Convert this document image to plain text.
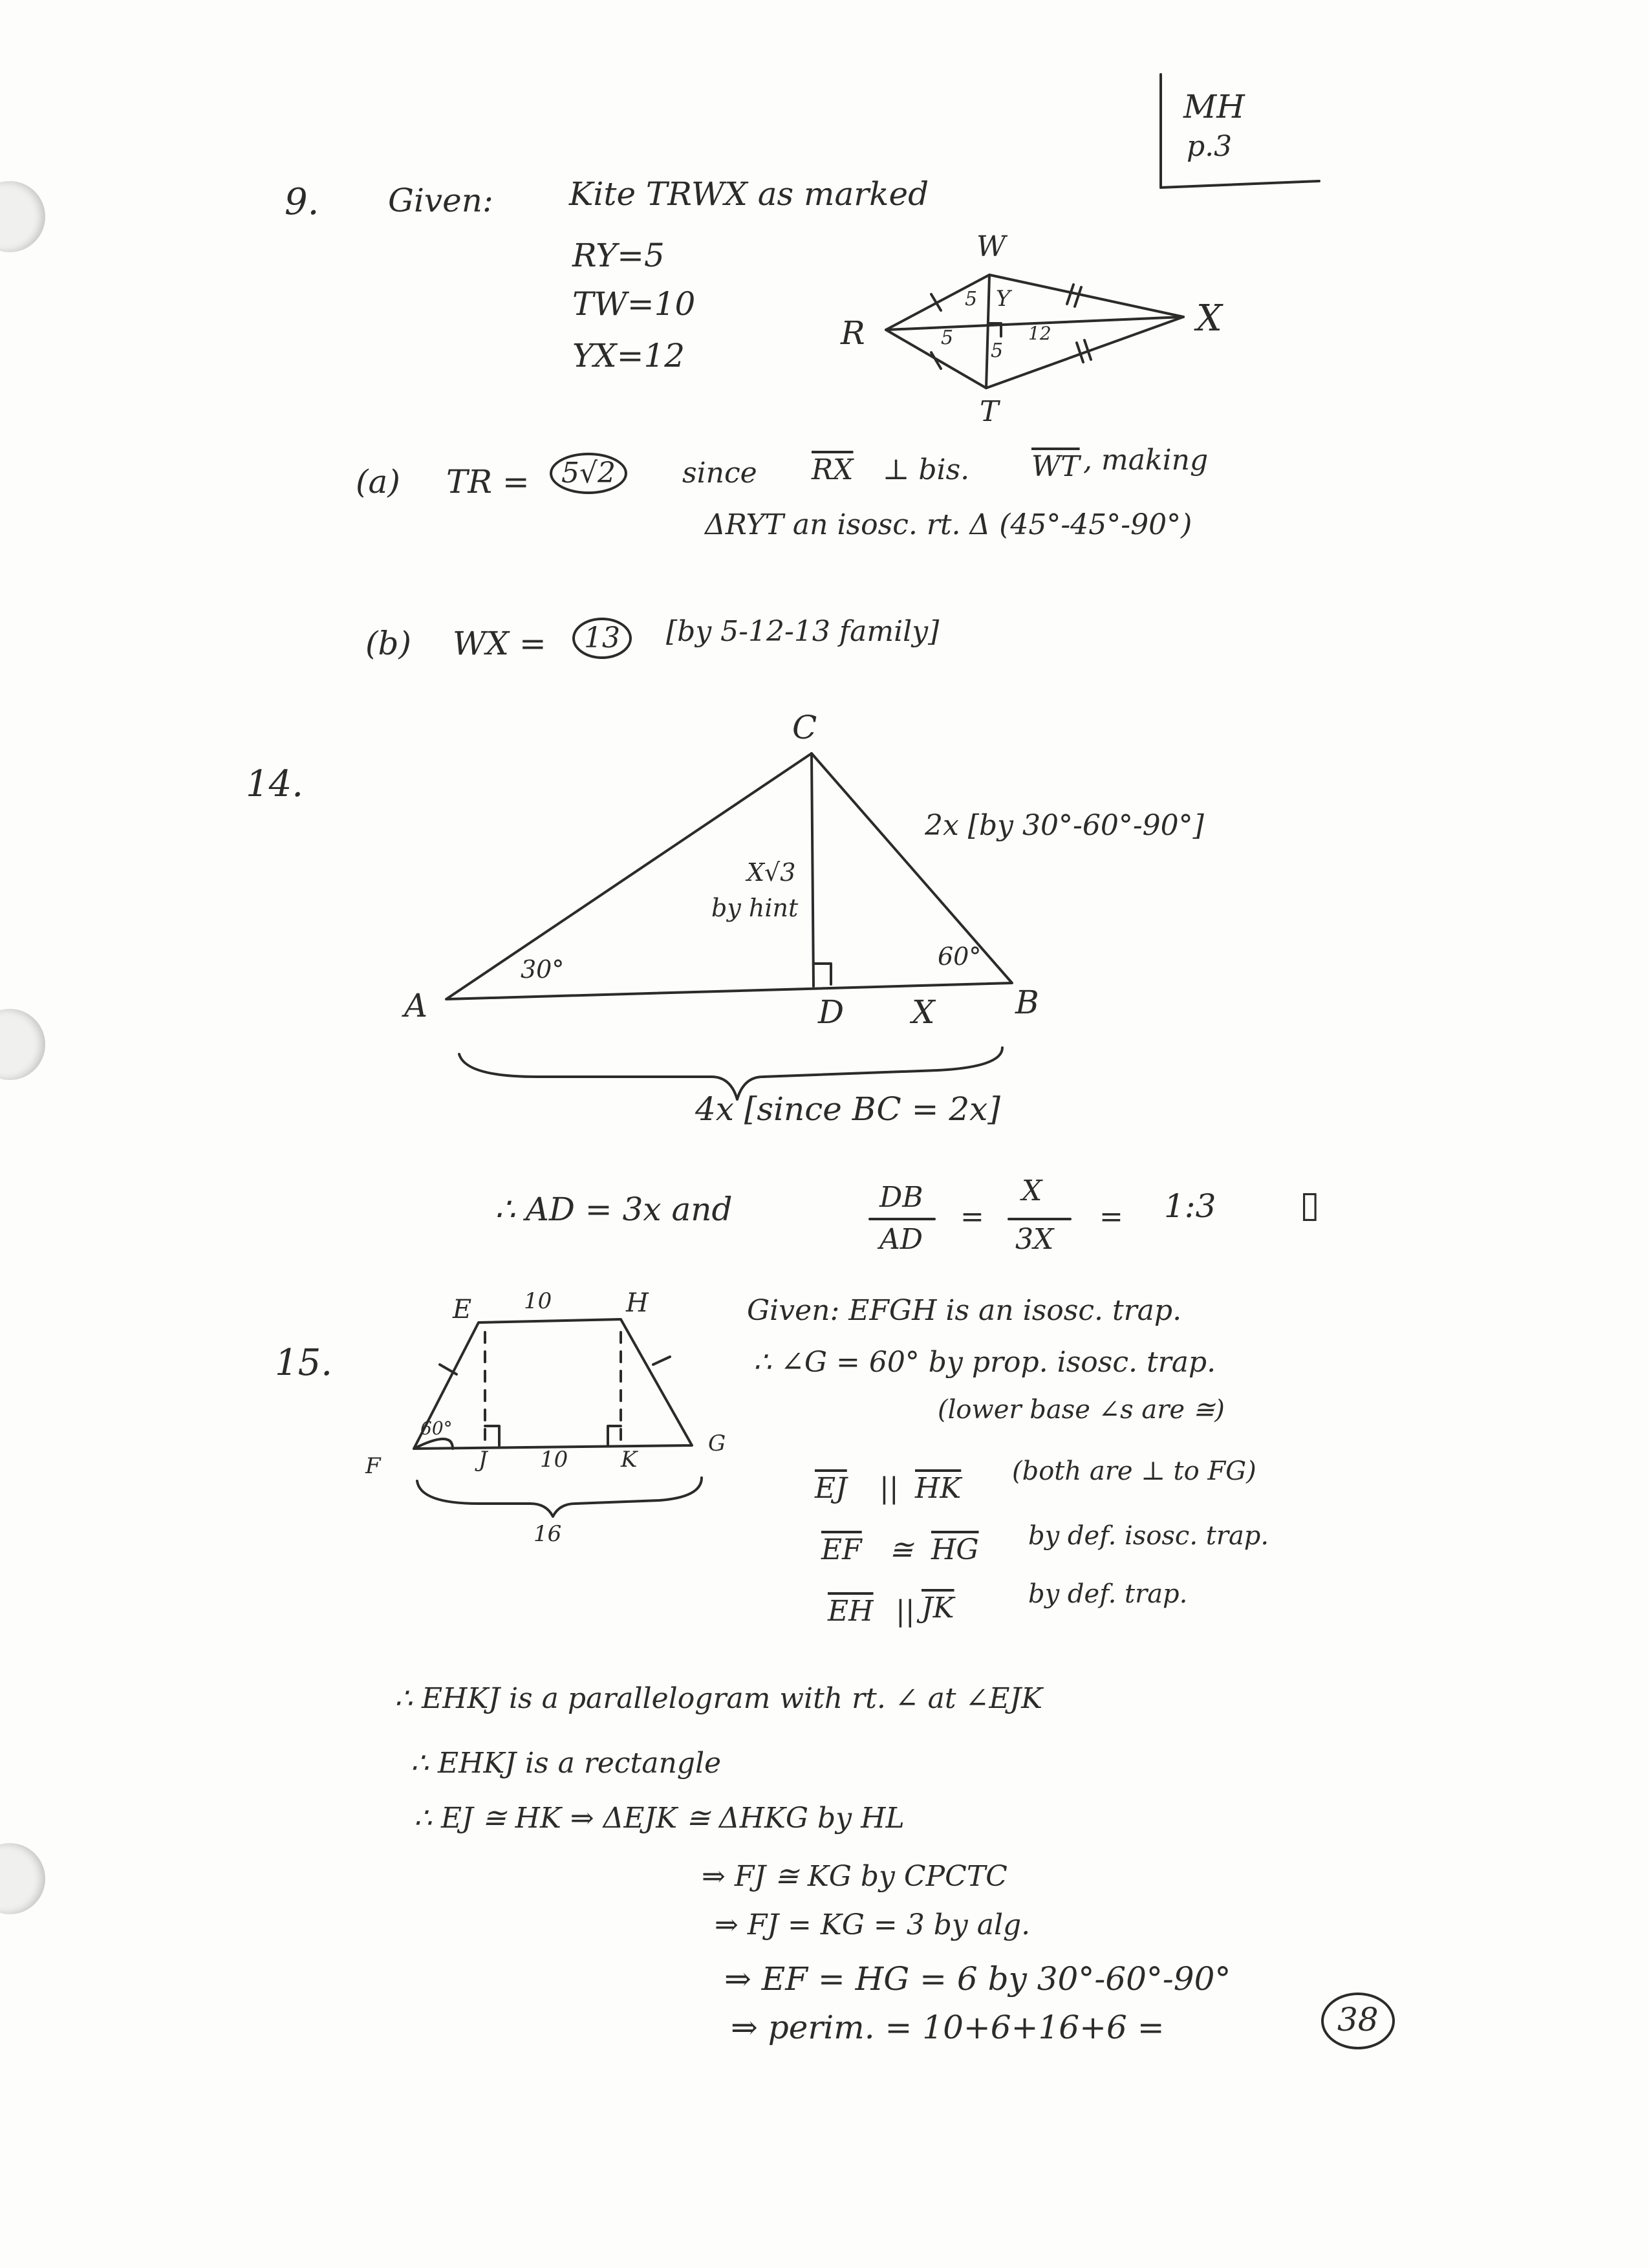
MH
p.3
9. Given: Kite TRWX as marked
RY=5
TW=10
YX=12
W
R	X
T
Y
5
5
5
12
(a) TR =	5√2	since $\overline{RX}$ ⊥ bis. $\overline{WT}$ , making
ΔRYT an isosc. rt. Δ (45°-45°-90°)
(b) WX =	13	[by 5-12-13 family]
14.
C
A	B
D
30°	60°
X√3
by hint
2x [by 30°-60°-90°]
X
4x [since BC = 2x]
∴ AD = 3x and	DB
AD
=
X
3X
= 1:3 ▯
15.
E	H
F
G
J	K
10
10
16
60°
Given: EFGH is an isosc. trap.
∴ ∠G = 60° by prop. isosc. trap.
(lower base ∠s are ≅)
$\overline{EJ}$ || $\overline{HK}$
(both are ⊥ to FG)
$\overline{EF}$ ≅ $\overline{HG}$ by def. isosc. trap.
$\overline{EH}$ || $\overline{JK}$	by def. trap.
∴ EHKJ is a parallelogram with rt. ∠ at ∠EJK
∴ EHKJ is a rectangle
∴ EJ ≅ HK ⇒ ΔEJK ≅ ΔHKG by HL
⇒ FJ ≅ KG by CPCTC
⇒ FJ = KG = 3 by alg.
⇒ EF = HG = 6 by 30°-60°-90°
⇒ perim. = 10+6+16+6 =	38
